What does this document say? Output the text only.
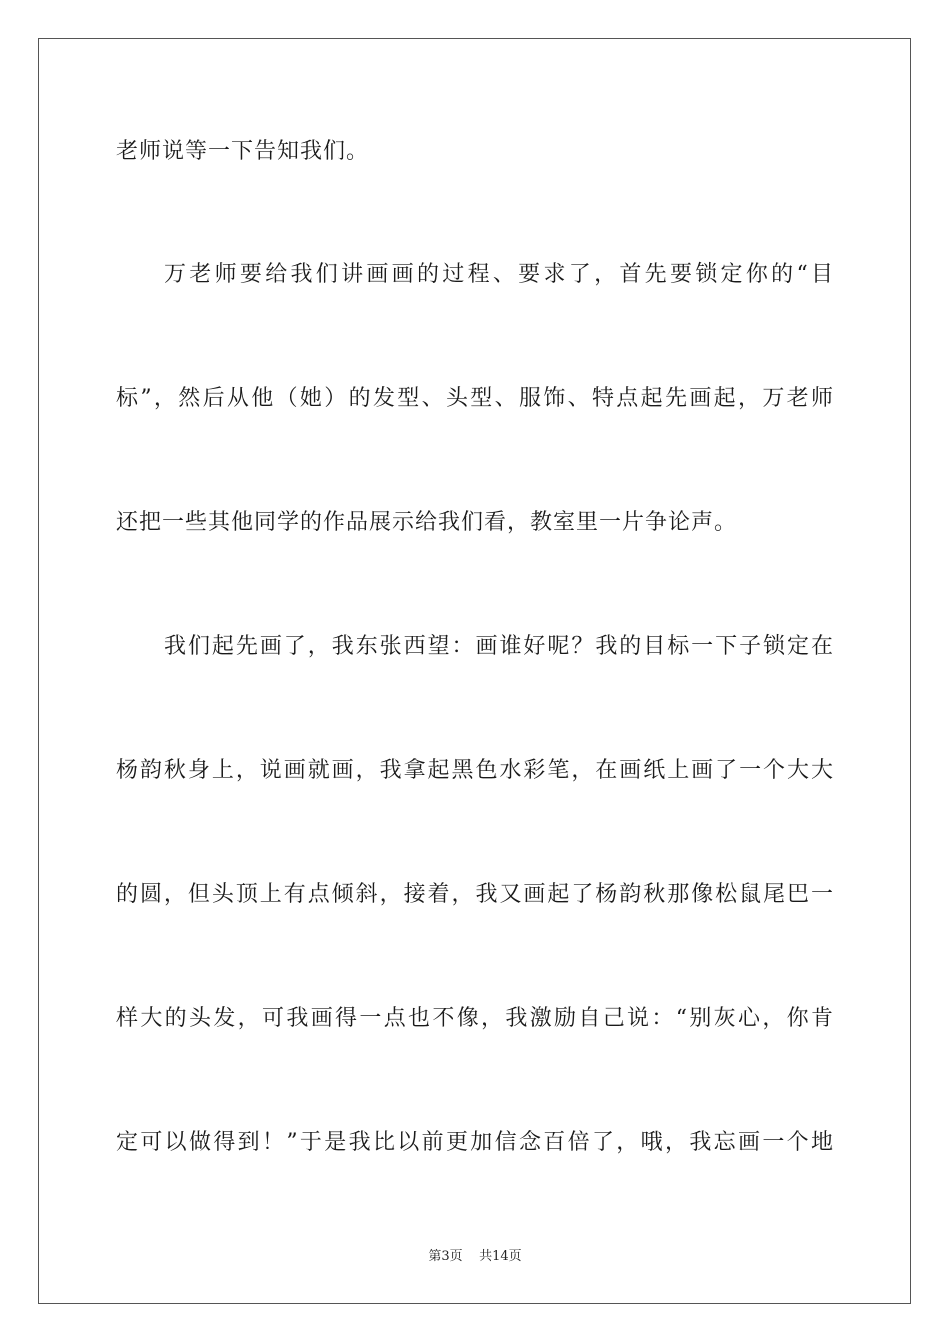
老师说等一下告知我们。
万老师要给我们讲画画的过程、要求了，首先要锁定你的“目
标”，然后从他（她）的发型、头型、服饰、特点起先画起，万老师
还把一些其他同学的作品展示给我们看，教室里一片争论声。
我们起先画了，我东张西望：画谁好呢？我的目标一下子锁定在
杨韵秋身上，说画就画，我拿起黑色水彩笔，在画纸上画了一个大大
的圆，但头顶上有点倾斜，接着，我又画起了杨韵秋那像松鼠尾巴一
样大的头发，可我画得一点也不像，我激励自己说：“别灰心，你肯
定可以做得到！”于是我比以前更加信念百倍了，哦，我忘画一个地
第3页 共14页
